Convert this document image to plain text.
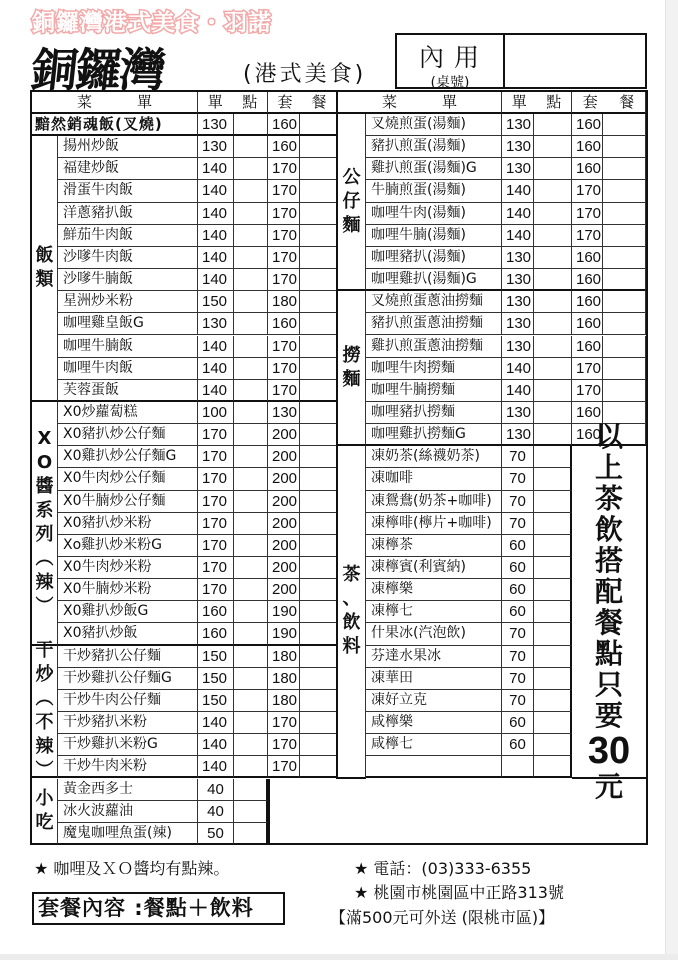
銅鑼灣港式美食・羽諾
銅鑼灣	(港式美食)
內用
(桌號)
菜　　　單	單 點 套 餐	菜　　　單	單 點 套 餐
黯然銷魂飯(叉燒)	130	160
揚州炒飯	130	160
福建炒飯	140	170
滑蛋牛肉飯	140	170
洋蔥豬扒飯	140	170
鮮茄牛肉飯	140	170
沙嗲牛肉飯	140	170
沙嗲牛腩飯	140	170
星洲炒米粉	150	180
咖哩雞皇飯G	130	160
咖哩牛腩飯	140	170
咖哩牛肉飯	140	170
芙蓉蛋飯	140	170
飯
類
X0炒蘿蔔糕	100	130
X0豬扒炒公仔麵	170	200
X0雞扒炒公仔麵G	170	200
X0牛肉炒公仔麵	170	200
X0牛腩炒公仔麵	170	200
X0豬扒炒米粉	170	200
Xo雞扒炒米粉G	170	200
X0牛肉炒米粉	170	200
X0牛腩炒米粉	170	200
X0雞扒炒飯G	160	190
X0豬扒炒飯	160	190
X
O
醬
系
列
︵
辣
︶
干炒豬扒公仔麵	150	180
干炒雞扒公仔麵G	150	180
干炒牛肉公仔麵	150	180
干炒豬扒米粉	140	170
干炒雞扒米粉G	140	170
干炒牛肉米粉	140	170
干
炒
︵
不
辣
︶
黃金西多士	40
冰火波蘿油	40
魔鬼咖哩魚蛋(辣)	50
小
吃
叉燒煎蛋(湯麵)	130	160
豬扒煎蛋(湯麵)	130	160
雞扒煎蛋(湯麵)G	130	160
牛腩煎蛋(湯麵)	140	170
咖哩牛肉(湯麵)	140	170
咖哩牛腩(湯麵)	140	170
咖哩豬扒(湯麵)	130	160
咖哩雞扒(湯麵)G	130	160
公
仔
麵
叉燒煎蛋蔥油撈麵	130	160
豬扒煎蛋蔥油撈麵	130	160
雞扒煎蛋蔥油撈麵	130	160
咖哩牛肉撈麵	140	170
咖哩牛腩撈麵	140	170
咖哩豬扒撈麵	130	160
咖哩雞扒撈麵G	130	160
撈
麵
凍奶茶(絲襪奶茶)	70
凍咖啡	70
凍鴛鴦(奶茶+咖啡)	70
凍檸啡(檸片+咖啡)	70
凍檸茶	60
凍檸賓(利賓納)	60
凍檸樂	60
凍檸七	60
什果冰(汽泡飲)	70
芬達水果冰	70
凍華田	70
凍好立克	70
咸檸樂	60
咸檸七	60
茶
、
飲
料
以
上
茶
飲
搭
配
餐
點
只
要
30
元
★ 咖哩及ＸＯ醬均有點辣。
套餐內容 :餐點＋飲料
★ 電話：(03)333-6355
★ 桃園市桃園區中正路313號
【滿500元可外送 (限桃市區)】
